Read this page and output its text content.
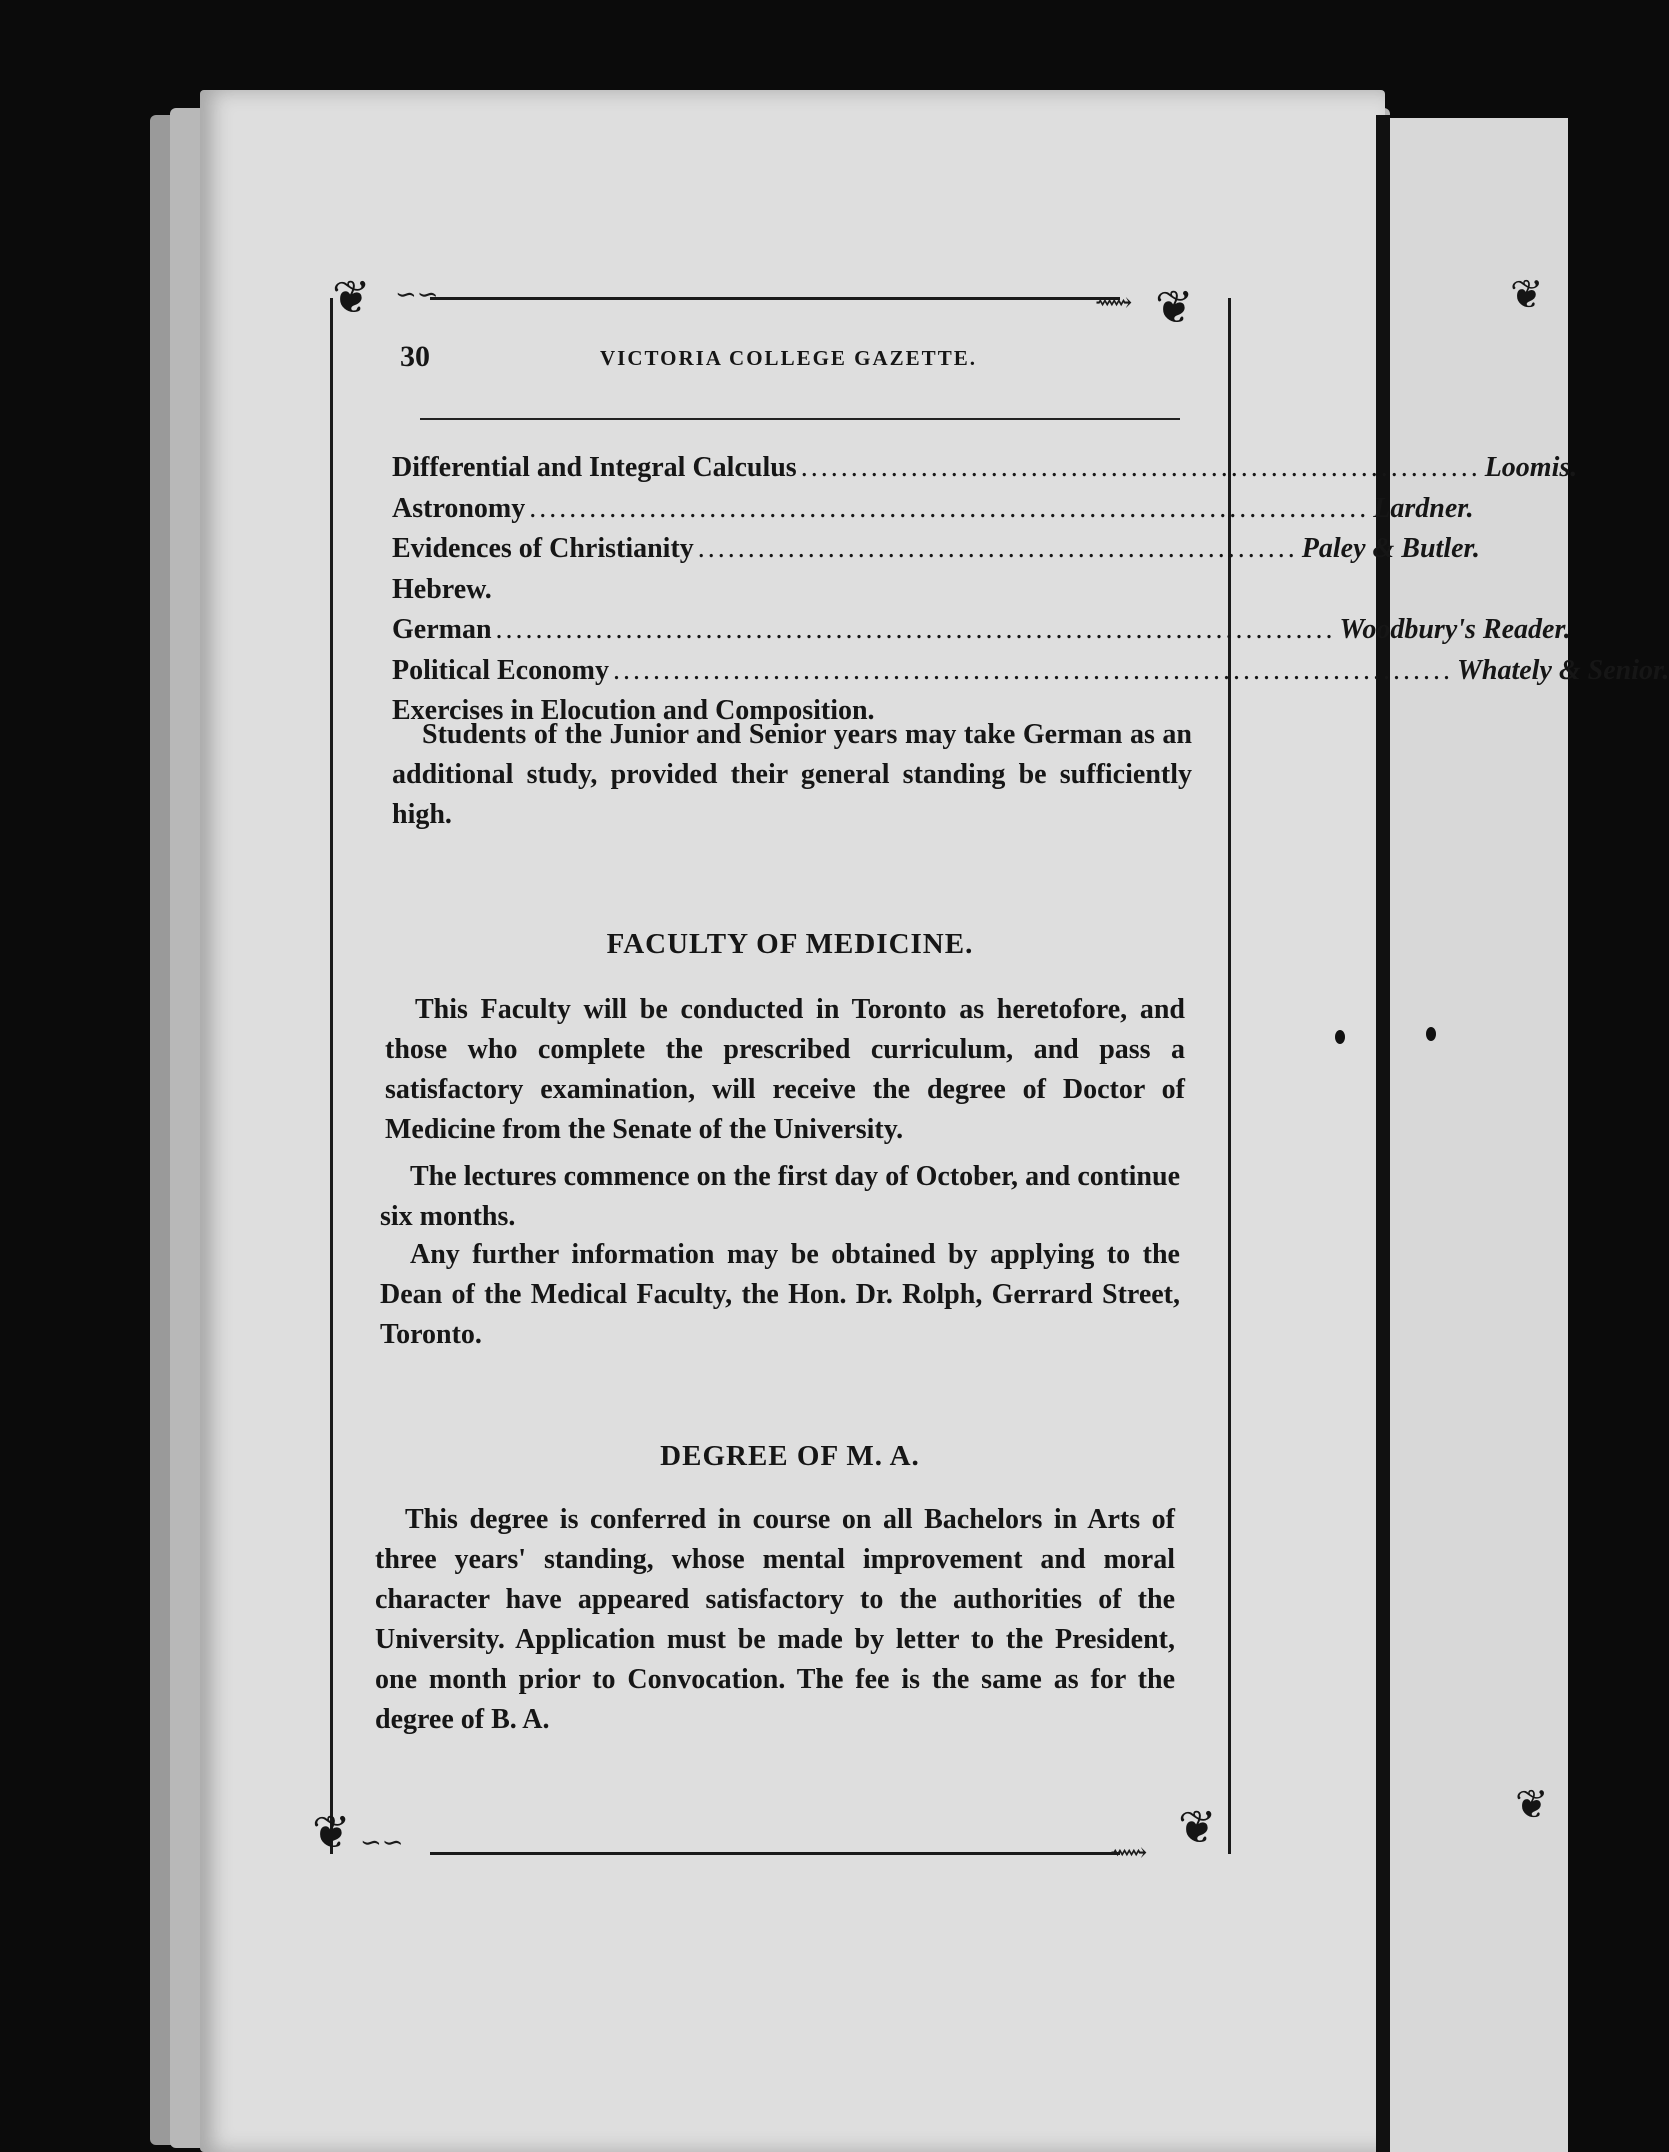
❦	❦
❦	❦
❦
❦
∽∽	⟿
∽∽	⟿
30	VICTORIA COLLEGE GAZETTE.
Differential and Integral Calculus .................................................................... Loomis.
Astronomy .................................................................................... Lardner.
Evidences of Christianity ............................................................ Paley & Butler.
Hebrew.
German .................................................................................... Woodbury's Reader.
Political Economy .................................................................................... Whately & Senior.
Exercises in Elocution and Composition.
Students of the Junior and Senior years may take German as an additional study, provided their general standing be sufficiently high.
FACULTY OF MEDICINE.
This Faculty will be conducted in Toronto as heretofore, and those who complete the prescribed curriculum, and pass a satisfactory examination, will receive the degree of Doctor of Medicine from the Senate of the University.
The lectures commence on the first day of October, and continue six months.
Any further information may be obtained by applying to the Dean of the Medical Faculty, the Hon. Dr. Rolph, Gerrard Street, Toronto.
DEGREE OF M. A.
This degree is conferred in course on all Bachelors in Arts of three years' standing, whose mental improvement and moral character have appeared satisfactory to the authorities of the University. Application must be made by letter to the President, one month prior to Convocation. The fee is the same as for the degree of B. A.
